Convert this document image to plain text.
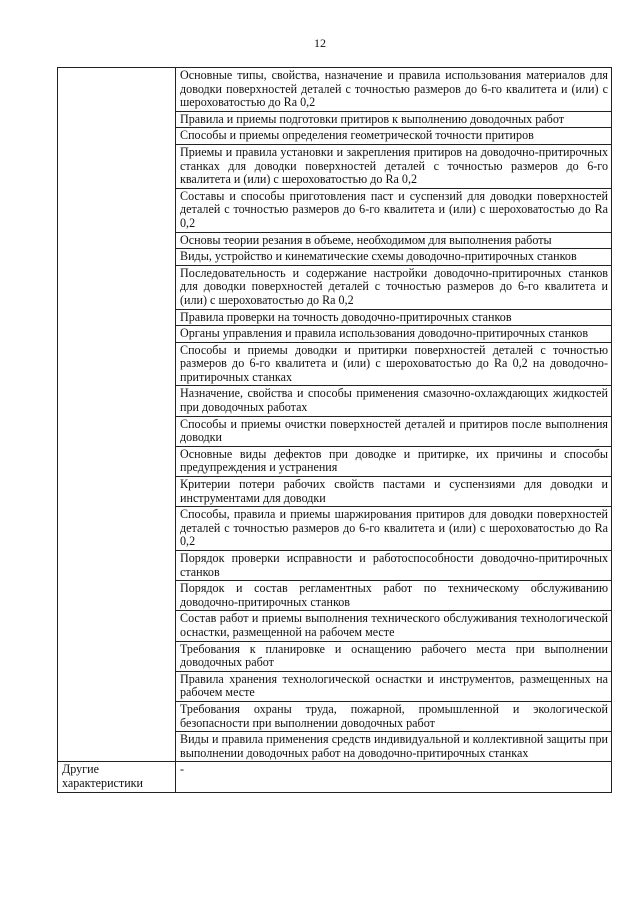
12
	Основные типы, свойства, назначение и правила использования материалов для доводки поверхностей деталей с точностью размеров до 6-го квалитета и (или) с шероховатостью до Ra 0,2
	Правила и приемы подготовки притиров к выполнению доводочных работ
	Способы и приемы определения геометрической точности притиров
	Приемы и правила установки и закрепления притиров на доводочно-притирочных станках для доводки поверхностей деталей с точностью размеров до 6-го квалитета и (или) с шероховатостью до Ra 0,2
	Составы и способы приготовления паст и суспензий для доводки поверхностей деталей с точностью размеров до 6-го квалитета и (или) с шероховатостью до Ra 0,2
	Основы теории резания в объеме, необходимом для выполнения работы
	Виды, устройство и кинематические схемы доводочно-притирочных станков
	Последовательность и содержание настройки доводочно-притирочных станков для доводки поверхностей деталей с точностью размеров до 6-го квалитета и (или) с шероховатостью до Ra 0,2
	Правила проверки на точность доводочно-притирочных станков
	Органы управления и правила использования доводочно-притирочных станков
	Способы и приемы доводки и притирки поверхностей деталей с точностью размеров до 6-го квалитета и (или) с шероховатостью до Ra 0,2 на доводочно-притирочных станках
	Назначение, свойства и способы применения смазочно-охлаждающих жидкостей при доводочных работах
	Способы и приемы очистки поверхностей деталей и притиров после выполнения доводки
	Основные виды дефектов при доводке и притирке, их причины и способы предупреждения и устранения
	Критерии потери рабочих свойств пастами и суспензиями для доводки и инструментами для доводки
	Способы, правила и приемы шаржирования притиров для доводки поверхностей деталей с точностью размеров до 6-го квалитета и (или) с шероховатостью до Ra 0,2
	Порядок проверки исправности и работоспособности доводочно-притирочных станков
	Порядок и состав регламентных работ по техническому обслуживанию доводочно-притирочных станков
	Состав работ и приемы выполнения технического обслуживания технологической оснастки, размещенной на рабочем месте
	Требования к планировке и оснащению рабочего места при выполнении доводочных работ
	Правила хранения технологической оснастки и инструментов, размещенных на рабочем месте
	Требования охраны труда, пожарной, промышленной и экологической безопасности при выполнении доводочных работ
	Виды и правила применения средств индивидуальной и коллективной защиты при выполнении доводочных работ на доводочно-притирочных станках
Другие характеристики	-
